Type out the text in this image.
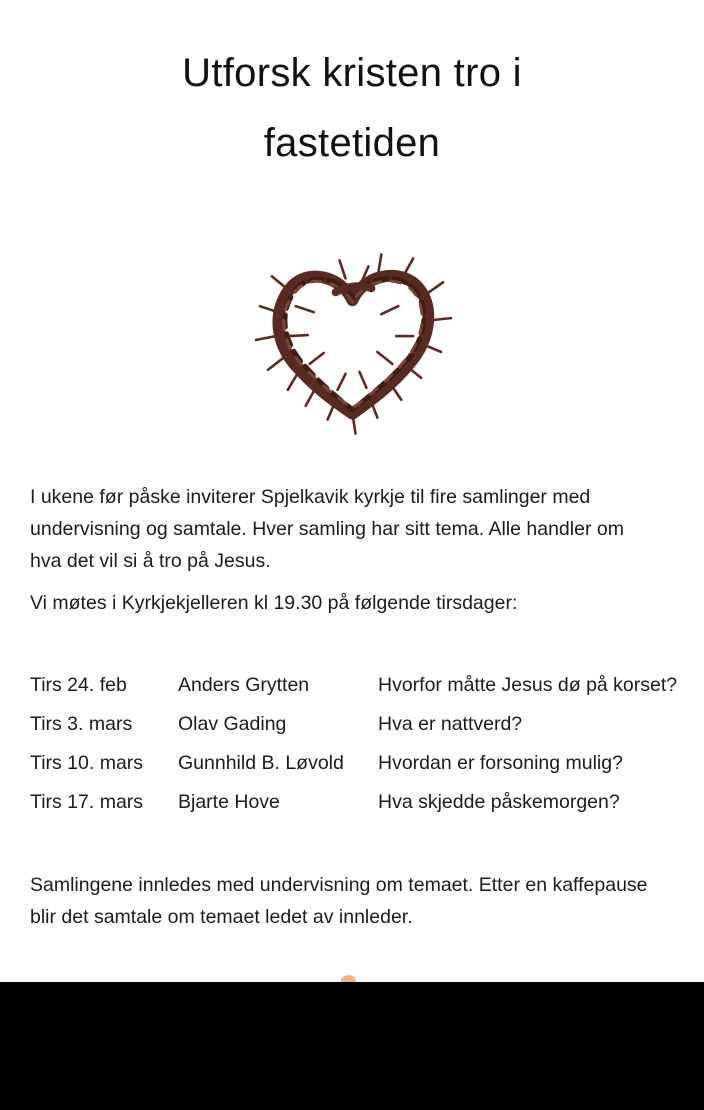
Utforsk kristen tro i
fastetiden

I ukene før påske inviterer Spjelkavik kyrkje til fire samlinger med undervisning og samtale. Hver samling har sitt tema. Alle handler om hva det vil si å tro på Jesus.

Vi møtes i Kyrkjekjelleren kl 19.30 på følgende tirsdager:

Tirs 24. feb	Anders Grytten	Hvorfor måtte Jesus dø på korset?
Tirs 3. mars	Olav Gading	Hva er nattverd?
Tirs 10. mars	Gunnhild B. Løvold	Hvordan er forsoning mulig?
Tirs 17. mars	Bjarte Hove	Hva skjedde påskemorgen?

Samlingene innledes med undervisning om temaet. Etter en kaffepause blir det samtale om temaet ledet av innleder.
